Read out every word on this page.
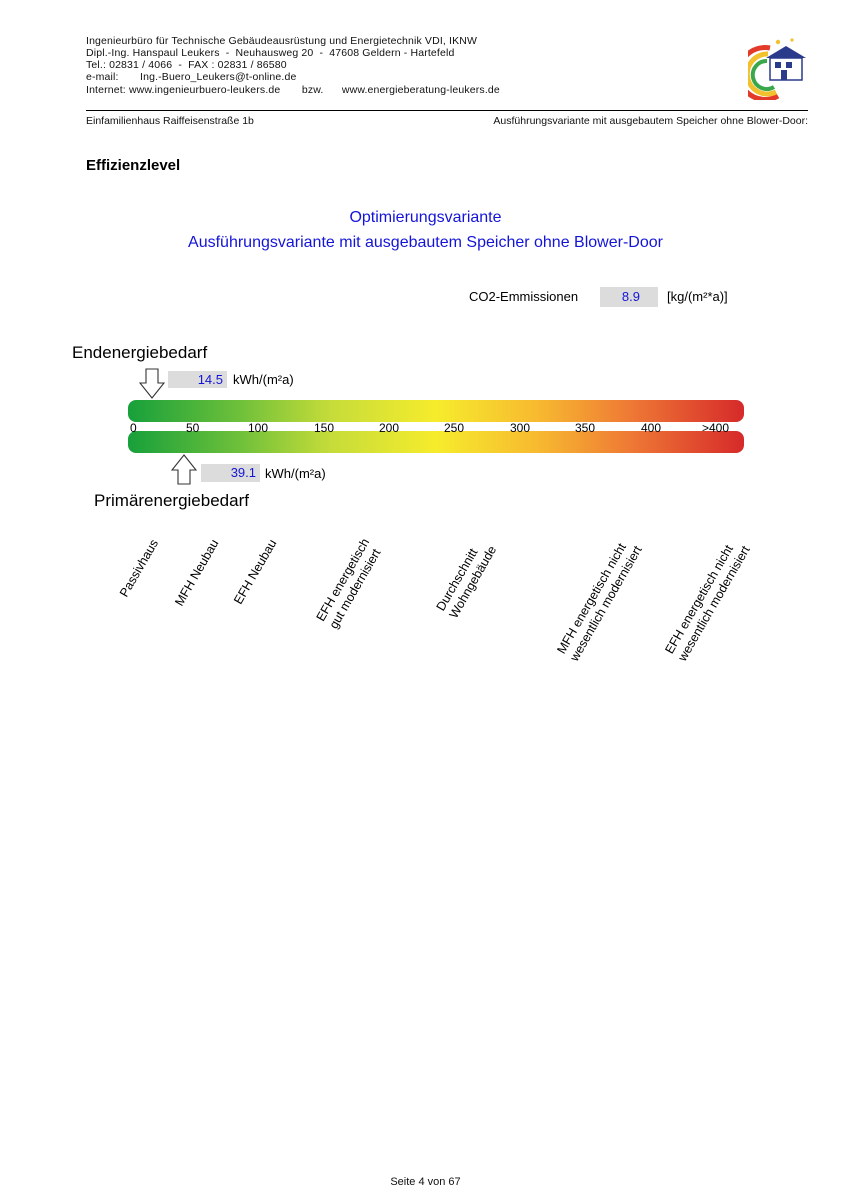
Ingenieurbüro für Technische Gebäudeausrüstung und Energietechnik VDI, IKNW
Dipl.-Ing. Hanspaul Leukers  -  Neuhausweg 20  -  47608 Geldern - Hartefeld
Tel.: 02831 / 4066  -  FAX : 02831 / 86580
e-mail:       Ing.-Buero_Leukers@t-online.de
Internet: www.ingenieurbuero-leukers.de       bzw.      www.energieberatung-leukers.de
Einfamilienhaus Raiffeisenstraße 1b	Ausführungsvariante mit ausgebautem Speicher ohne Blower-Door:
Effizienzlevel
Optimierungsvariante
Ausführungsvariante mit ausgebautem Speicher ohne Blower-Door
CO2-Emmissionen	8.9	[kg/(m²*a)]
Endenergiebedarf
14.5 kWh/(m²a)
0	50	100	150	200	250	300	350	400	>400
39.1 kWh/(m²a)
Primärenergiebedarf
Passivhaus MFH Neubau EFH Neubau	EFH energetisch
gut modernisiert	Durchschnitt
Wohngebäude	MFH energetisch nicht
wesentlich modernisiert EFH energetisch nicht
wesentlich modernisiert
Seite 4 von 67
